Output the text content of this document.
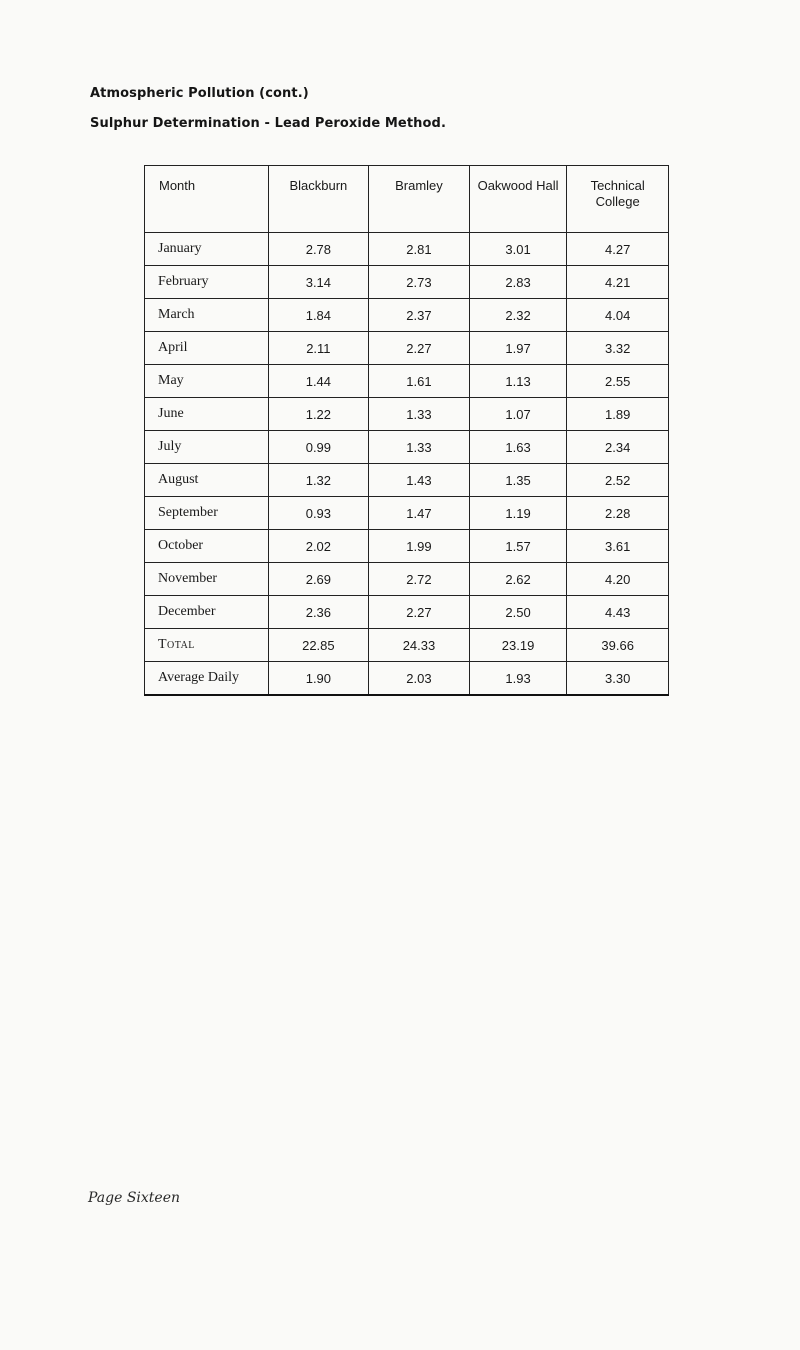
Atmospheric Pollution (cont.)
Sulphur Determination - Lead Peroxide Method.
Month	Blackburn	Bramley	Oakwood Hall	Technical College
January	2.78	2.81	3.01	4.27
February	3.14	2.73	2.83	4.21
March	1.84	2.37	2.32	4.04
April	2.11	2.27	1.97	3.32
May	1.44	1.61	1.13	2.55
June	1.22	1.33	1.07	1.89
July	0.99	1.33	1.63	2.34
August	1.32	1.43	1.35	2.52
September	0.93	1.47	1.19	2.28
October	2.02	1.99	1.57	3.61
November	2.69	2.72	2.62	4.20
December	2.36	2.27	2.50	4.43
Total	22.85	24.33	23.19	39.66
Average Daily	1.90	2.03	1.93	3.30
Page Sixteen
